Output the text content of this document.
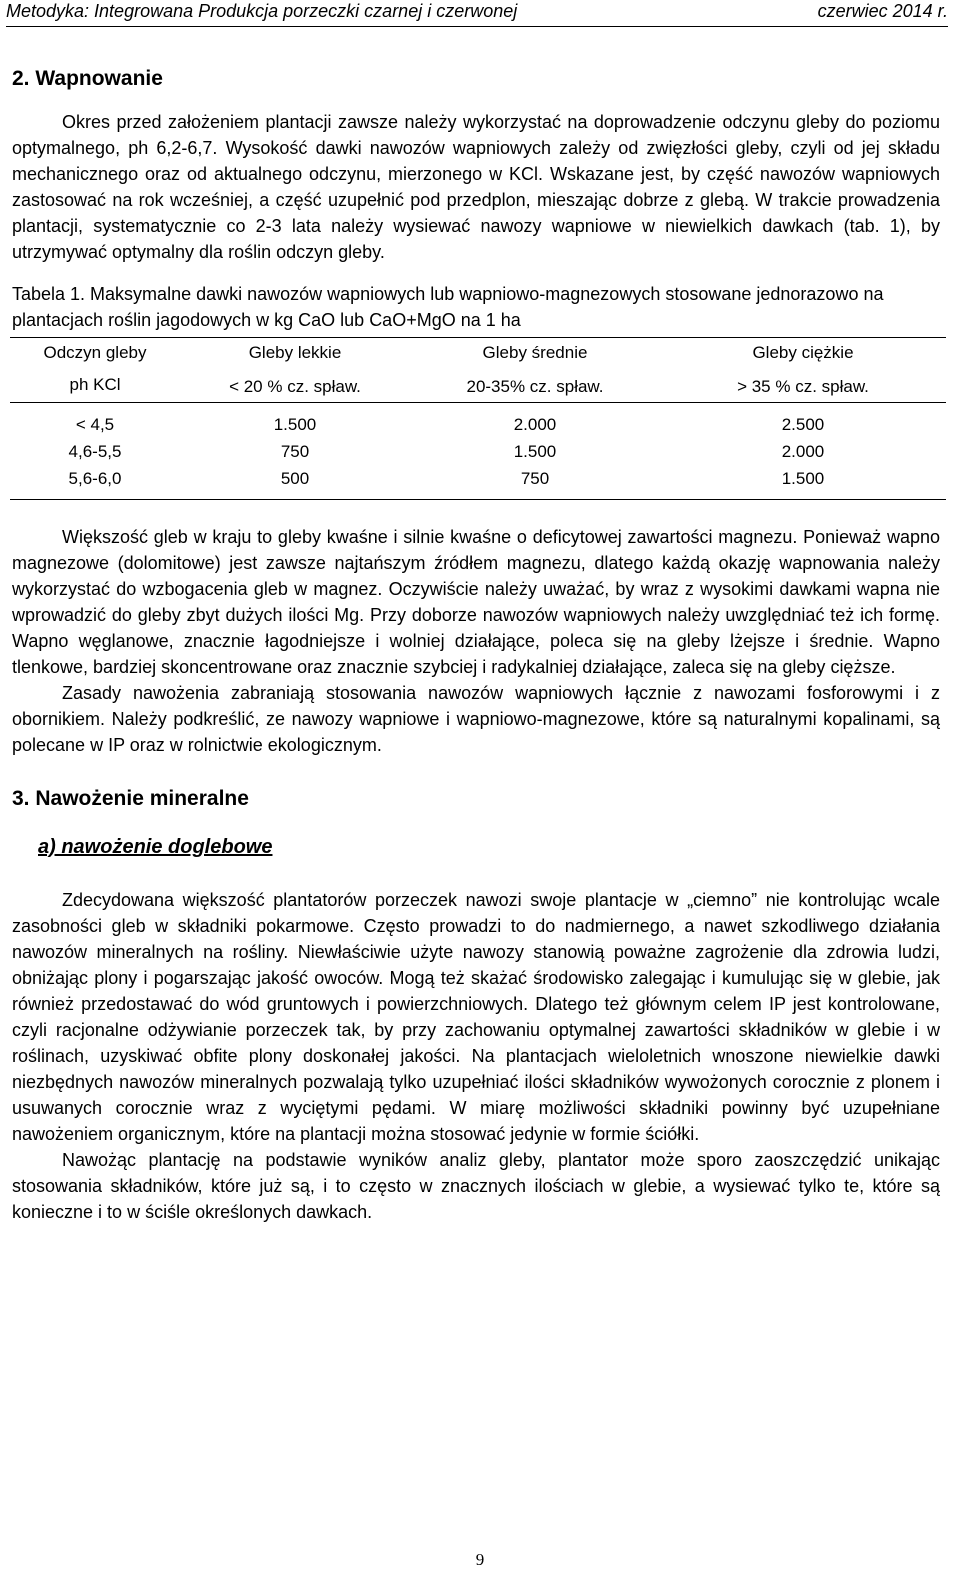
Metodyka: Integrowana Produkcja porzeczki czarnej i czerwonej	czerwiec 2014 r.
2. Wapnowanie

Okres przed założeniem plantacji zawsze należy wykorzystać na doprowadzenie odczynu gleby do poziomu optymalnego, ph 6,2-6,7. Wysokość dawki nawozów wapniowych zależy od zwięzłości gleby, czyli od jej składu mechanicznego oraz od aktualnego odczynu, mierzonego w KCl. Wskazane jest, by część nawozów wapniowych zastosować na rok wcześniej, a część uzupełnić pod przedplon, mieszając dobrze z glebą. W trakcie prowadzenia plantacji, systematycznie co 2-3 lata należy wysiewać nawozy wapniowe w niewielkich dawkach (tab. 1), by utrzymywać optymalny dla roślin odczyn gleby.

Tabela 1. Maksymalne dawki nawozów wapniowych lub wapniowo-magnezowych stosowane jednorazowo na plantacjach roślin jagodowych w kg CaO lub CaO+MgO na 1 ha

Odczyn gleby	Gleby lekkie	Gleby średnie	Gleby ciężkie
ph KCl	< 20 % cz. spław.	20-35% cz. spław.	> 35 % cz. spław.
< 4,5	1.500	2.000	2.500
4,6-5,5	750	1.500	2.000
5,6-6,0	500	750	1.500

Większość gleb w kraju to gleby kwaśne i silnie kwaśne o deficytowej zawartości magnezu. Ponieważ wapno magnezowe (dolomitowe) jest zawsze najtańszym źródłem magnezu, dlatego każdą okazję wapnowania należy wykorzystać do wzbogacenia gleb w magnez. Oczywiście należy uważać, by wraz z wysokimi dawkami wapna nie wprowadzić do gleby zbyt dużych ilości Mg. Przy doborze nawozów wapniowych należy uwzględniać też ich formę. Wapno węglanowe, znacznie łagodniejsze i wolniej działające, poleca się na gleby lżejsze i średnie. Wapno tlenkowe, bardziej skoncentrowane oraz znacznie szybciej i radykalniej działające, zaleca się na gleby cięższe.

Zasady nawożenia zabraniają stosowania nawozów wapniowych łącznie z nawozami fosforowymi i z obornikiem. Należy podkreślić, ze nawozy wapniowe i wapniowo-magnezowe, które są naturalnymi kopalinami, są polecane w IP oraz w rolnictwie ekologicznym.

3. Nawożenie mineralne
a) nawożenie doglebowe

Zdecydowana większość plantatorów porzeczek nawozi swoje plantacje w „ciemno” nie kontrolując wcale zasobności gleb w składniki pokarmowe. Często prowadzi to do nadmiernego, a nawet szkodliwego działania nawozów mineralnych na rośliny. Niewłaściwie użyte nawozy stanowią poważne zagrożenie dla zdrowia ludzi, obniżając plony i pogarszając jakość owoców. Mogą też skażać środowisko zalegając i kumulując się w glebie, jak również przedostawać do wód gruntowych i powierzchniowych. Dlatego też głównym celem IP jest kontrolowane, czyli racjonalne odżywianie porzeczek tak, by przy zachowaniu optymalnej zawartości składników w glebie i w roślinach, uzyskiwać obfite plony doskonałej jakości. Na plantacjach wieloletnich wnoszone niewielkie dawki niezbędnych nawozów mineralnych pozwalają tylko uzupełniać ilości składników wywożonych corocznie z plonem i usuwanych corocznie wraz z wyciętymi pędami. W miarę możliwości składniki powinny być uzupełniane nawożeniem organicznym, które na plantacji można stosować jedynie w formie ściółki.

Nawożąc plantację na podstawie wyników analiz gleby, plantator może sporo zaoszczędzić unikając stosowania składników, które już są, i to często w znacznych ilościach w glebie, a wysiewać tylko te, które są konieczne i to w ściśle określonych dawkach.

9
